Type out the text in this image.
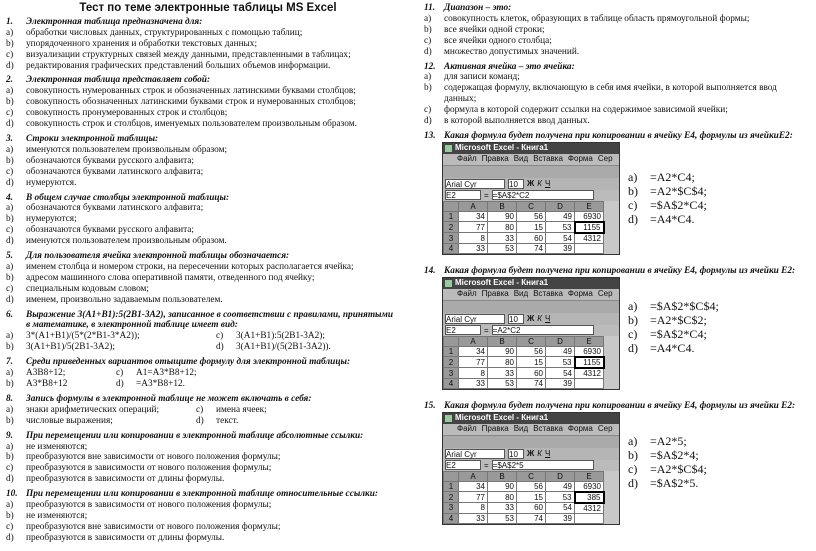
Тест по теме электронные таблицы MS Excel
1.	Электронная таблица предназначена для:
a)	обработки числовых данных, структурированных с помощью таблиц;
b)	упорядоченного хранения и обработки текстовых данных;
c)	визуализации структурных связей между данными, представленными в таблицах;
d)	редактирования графических представлений больших объемов информации.
2.	Электронная таблица представляет собой:
a)	совокупность нумерованных строк и обозначенных латинскими буквами столбцов;
b)	совокупность обозначенных латинскими буквами строк и нумерованных столбцов;
c)	совокупность пронумерованных строк и столбцов;
d)	совокупность строк и столбцов, именуемых пользователем произвольным образом.
3.	Строки электронной таблицы:
a)	именуются пользователем произвольным образом;
b)	обозначаются буквами русского алфавита;
c)	обозначаются буквами латинского алфавита;
d)	нумеруются.
4.	В общем случае столбцы электронной таблицы:
a)	обозначаются буквами латинского алфавита;
b)	нумеруются;
c)	обозначаются буквами русского алфавита;
d)	именуются пользователем произвольным образом.
5.	Для пользователя ячейка электронной таблицы обозначается:
a)	именем столбца и номером строки, на пересечении которых располагается ячейка;
b)	адресом машинного слова оперативной памяти, отведенного под ячейку;
c)	специальным кодовым словом;
d)	именем, произвольно задаваемым пользователем.
6.	Выражение 3(A1+B1):5(2B1-3A2), записанное в соответствии с правилами, принятыми
в математике, в электронной таблице имеет вид:
a)	3*(A1+B1)/(5*(2*B1-3*A2));	c)	3(A1+B1):5(2B1-3A2);
b)	3(A1+B1)/5(2B1-3A2);	d)	3(A1+B1)/(5(2B1-3A2)).
7.	Среди приведенных вариантов отыщите формулу для электронной таблицы:
a)	A3B8+12;	c)	A1=A3*B8+12;
b)	A3*B8+12	d)	=A3*B8+12.
8.	Запись формулы в электронной таблице не может включать в себя:
a)	знаки арифметических операций;	c)	имена ячеек;
b)	числовые выражения;	d)	текст.
9.	При перемещении или копировании в электронной таблице абсолютные ссылки:
a)	не изменяются;
b)	преобразуются вне зависимости от нового положения формулы;
c)	преобразуются в зависимости от нового положения формулы;
d)	преобразуются в зависимости от длины формулы.
10. При перемещении или копировании в электронной таблице относительные ссылки:
a)	преобразуются в зависимости от нового положения формулы;
b)	не изменяются;
c)	преобразуются вне зависимости от нового положения формулы;
d)	преобразуются в зависимости от длины формулы.
11. Диапазон – это:
a)	совокупность клеток, образующих в таблице область прямоугольной формы;
b)	все ячейки одной строки;
c)	все ячейки одного столбца;
d)	множество допустимых значений.
12. Активная ячейка – это ячейка:
a)	для записи команд;
b)	содержащая формулу, включающую в себя имя ячейки, в которой выполняется ввод
данных;
c)	формула в которой содержит ссылки на содержимое зависимой ячейки;
d)	в которой выполняется ввод данных.
13. Какая формула будет получена при копировании в ячейку E4, формулы из ячейкиE2:
Microsoft Excel - Книга1
Файл Правка Вид Вставка Форма Сер
Arial Cyr	10	Ж К Ч
E2	= =$A$2*C2
	A	B	C	D	E
1	34	90	56	49	6930
2	77	80	15	53	1155
3	8	33	60	54	4312
4	33	53	74	39	
a)	=A2*C4;
b)	=A2*$C$4;
c)	=$A$2*C4;
d)	=A4*C4.
14. Какая формула будет получена при копировании в ячейку E4, формулы из ячейки E2:
Microsoft Excel - Книга1
Файл Правка Вид Вставка Форма Сер
Arial Cyr	10	Ж К Ч
E2	= =A2*C2
	A	B	C	D	E
1	34	90	56	49	6930
2	77	80	15	53	1155
3	8	33	60	54	4312
4	33	53	74	39	
a)	=$A$2*$C$4;
b)	=A2*$C$2;
c)	=$A$2*C4;
d)	=A4*C4.
15. Какая формула будет получена при копировании в ячейку E4, формулы из ячейки E2:
Microsoft Excel - Книга1
Файл Правка Вид Вставка Форма Сер
Arial Cyr	10	Ж К Ч
E2	= =$A$2*5
	A	B	C	D	E
1	34	90	56	49	6930
2	77	80	15	53	385
3	8	33	60	54	4312
4	33	53	74	39	
a)	=A2*5;
b)	=$A$2*4;
c)	=A2*$C$4;
d)	=$A$2*5.
